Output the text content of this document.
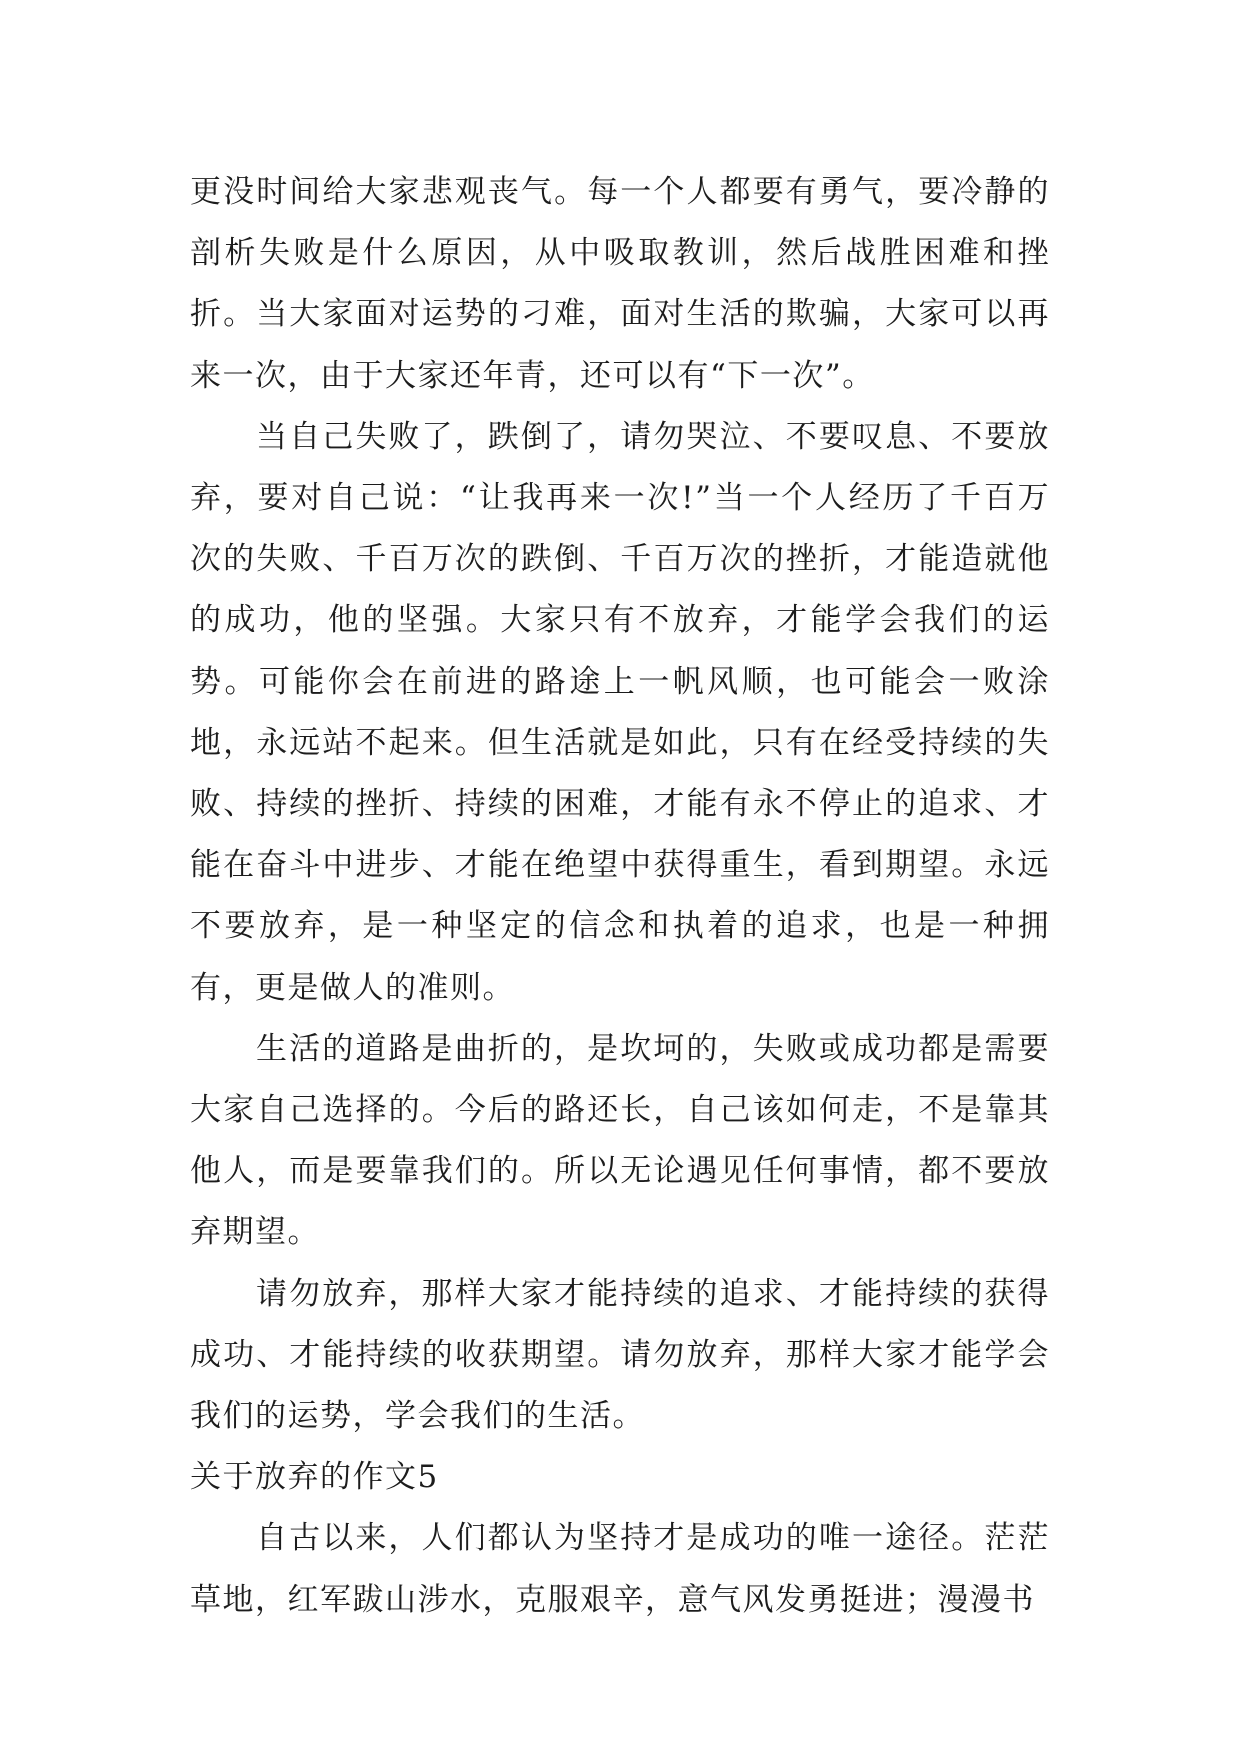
更没时间给大家悲观丧气。每一个人都要有勇气，要冷静的剖析失败是什么原因，从中吸取教训，然后战胜困难和挫折。当大家面对运势的刁难，面对生活的欺骗，大家可以再来一次，由于大家还年青，还可以有“下一次”。

当自己失败了，跌倒了，请勿哭泣、不要叹息、不要放弃，要对自己说：“让我再来一次!”当一个人经历了千百万次的失败、千百万次的跌倒、千百万次的挫折，才能造就他的成功，他的坚强。大家只有不放弃，才能学会我们的运势。可能你会在前进的路途上一帆风顺，也可能会一败涂地，永远站不起来。但生活就是如此，只有在经受持续的失败、持续的挫折、持续的困难，才能有永不停止的追求、才能在奋斗中进步、才能在绝望中获得重生，看到期望。永远不要放弃，是一种坚定的信念和执着的追求，也是一种拥有，更是做人的准则。

生活的道路是曲折的，是坎坷的，失败或成功都是需要大家自己选择的。今后的路还长，自己该如何走，不是靠其他人，而是要靠我们的。所以无论遇见任何事情，都不要放弃期望。

请勿放弃，那样大家才能持续的追求、才能持续的获得成功、才能持续的收获期望。请勿放弃，那样大家才能学会我们的运势，学会我们的生活。

关于放弃的作文5

自古以来，人们都认为坚持才是成功的唯一途径。茫茫草地，红军跋山涉水，克服艰辛，意气风发勇挺进；漫漫书
